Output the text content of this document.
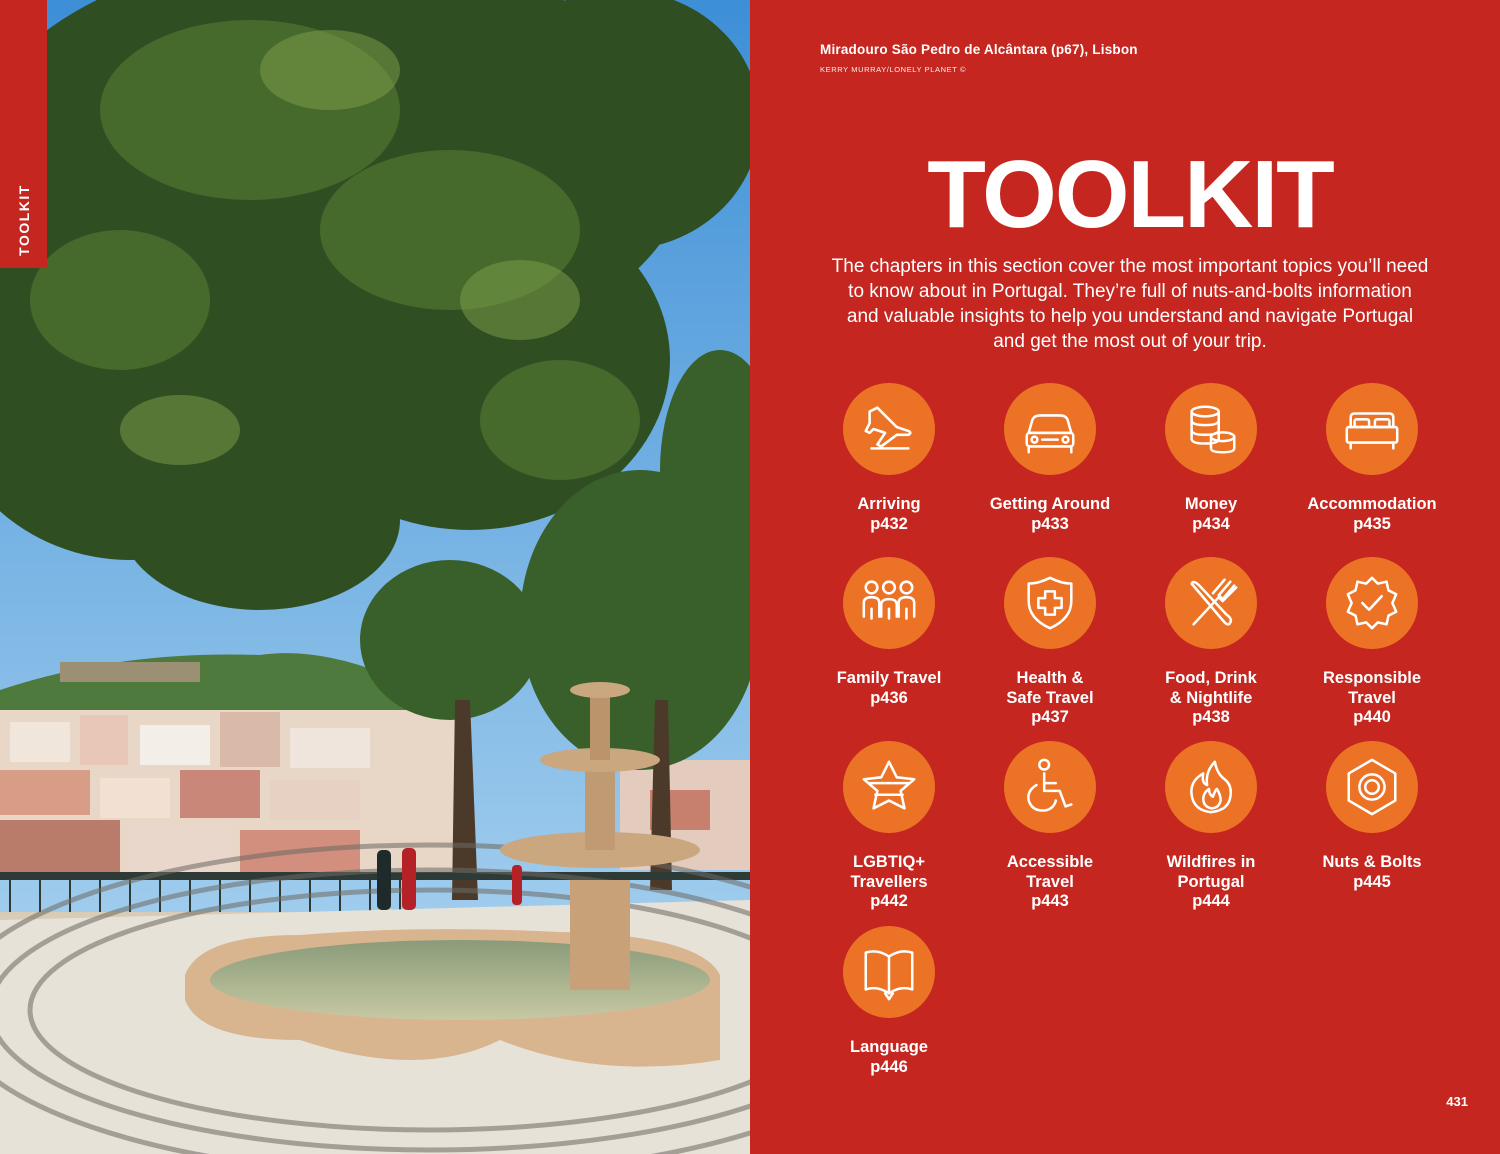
TOOLKIT
Miradouro São Pedro de Alcântara (p67), Lisbon
KERRY MURRAY/LONELY PLANET ©
TOOLKIT
The chapters in this section cover the most important topics you’ll need to know about in Portugal. They’re full of nuts-and-bolts information and valuable insights to help you understand and navigate Portugal and get the most out of your trip.
Arriving
p432
Getting Around
p433
Money
p434
Accommodation
p435
Family Travel
p436
Health &
Safe Travel
p437
Food, Drink
& Nightlife
p438
Responsible
Travel
p440
LGBTIQ+
Travellers
p442
Accessible
Travel
p443
Wildfires in
Portugal
p444
Nuts & Bolts
p445
Language
p446
431
